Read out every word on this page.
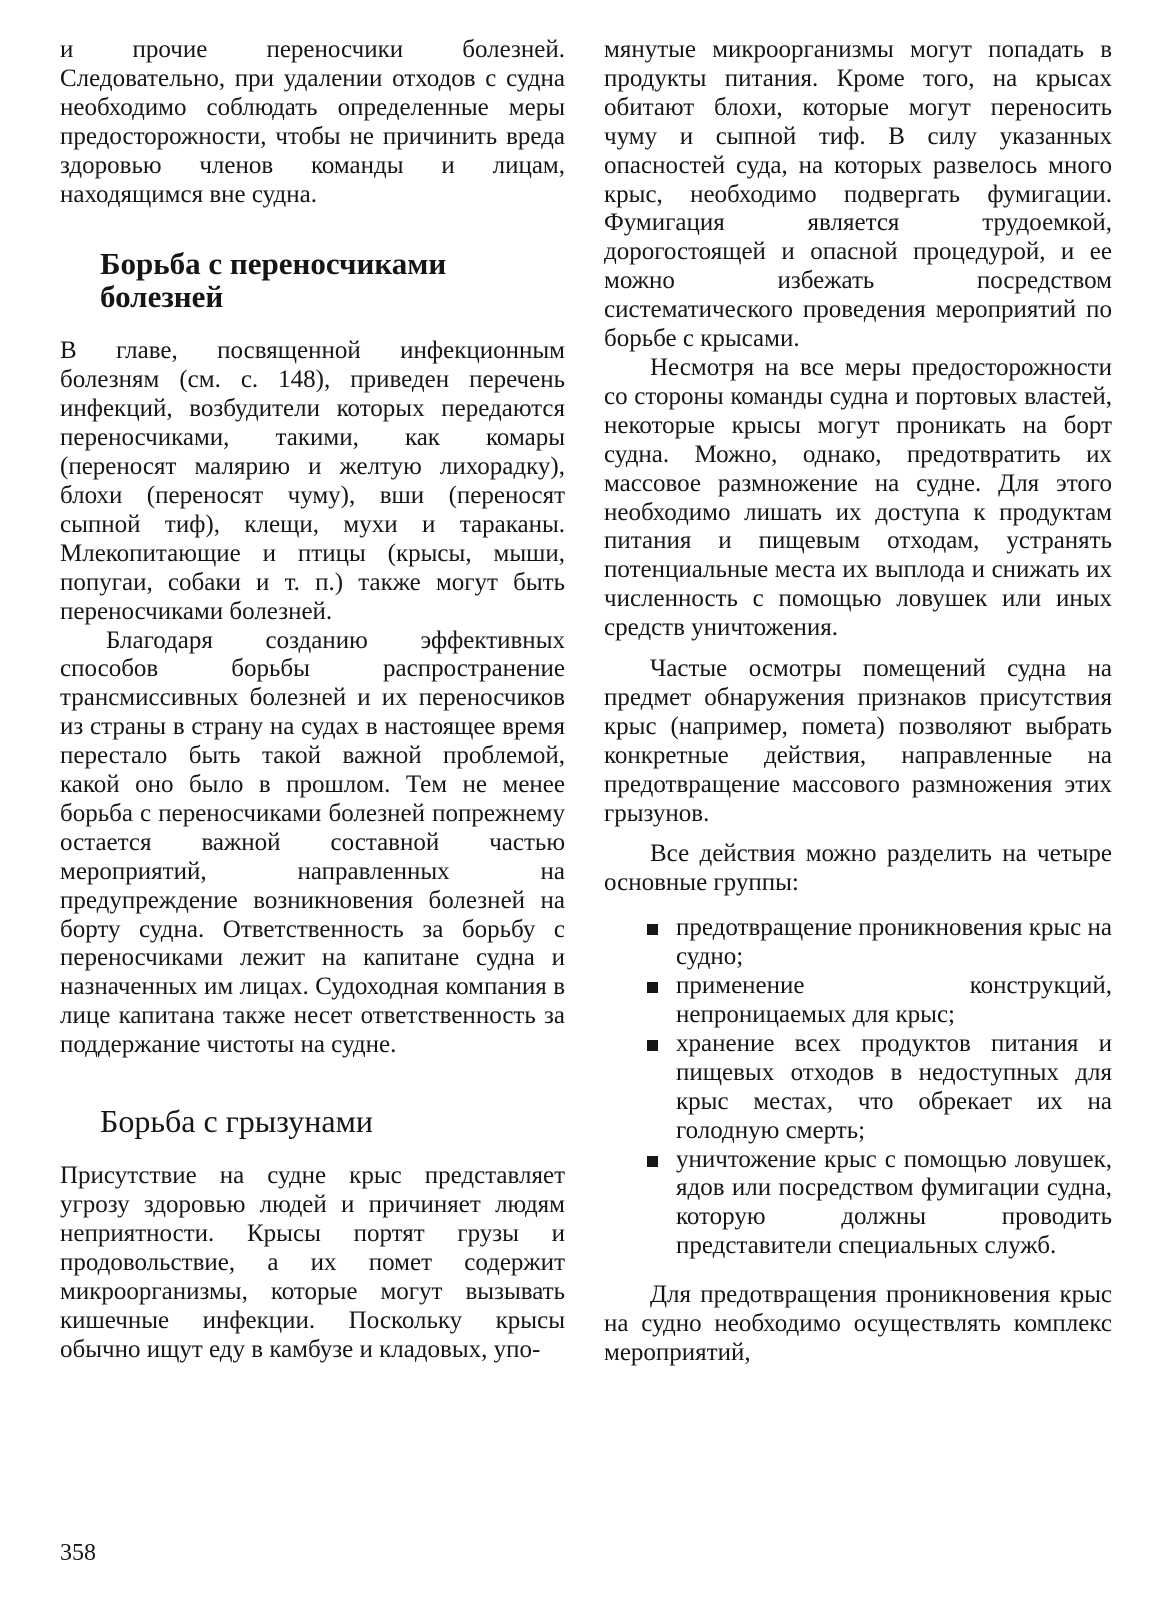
и прочие переносчики болезней. Следовательно, при удалении отходов с судна необходимо соблюдать определенные меры предосторожности, чтобы не причинить вреда здоровью членов команды и лицам, находящимся вне судна.

Борьба с переносчиками болезней

В главе, посвященной инфекционным болезням (см. с. 148), приведен перечень инфекций, возбудители которых передаются переносчиками, такими, как комары (переносят малярию и желтую лихорадку), блохи (переносят чуму), вши (переносят сыпной тиф), клещи, мухи и тараканы. Млекопитающие и птицы (крысы, мыши, попугаи, собаки и т. п.) также могут быть переносчиками болезней.

Благодаря созданию эффективных способов борьбы распространение трансмиссивных болезней и их переносчиков из страны в страну на судах в настоящее время перестало быть такой важной проблемой, какой оно было в прошлом. Тем не менее борьба с переносчиками болезней попрежнему остается важной составной частью мероприятий, направленных на предупреждение возникновения болезней на борту судна. Ответственность за борьбу с переносчиками лежит на капитане судна и назначенных им лицах. Судоходная компания в лице капитана также несет ответственность за поддержание чистоты на судне.

Борьба с грызунами

Присутствие на судне крыс представляет угрозу здоровью людей и причиняет людям неприятности. Крысы портят грузы и продовольствие, а их помет содержит микроорганизмы, которые могут вызывать кишечные инфекции. Поскольку крысы обычно ищут еду в камбузе и кладовых, упо-

мянутые микроорганизмы могут попадать в продукты питания. Кроме того, на крысах обитают блохи, которые могут переносить чуму и сыпной тиф. В силу указанных опасностей суда, на которых развелось много крыс, необходимо подвергать фумигации. Фумигация является трудоемкой, дорогостоящей и опасной процедурой, и ее можно избежать посредством систематического проведения мероприятий по борьбе с крысами.

Несмотря на все меры предосторожности со стороны команды судна и портовых властей, некоторые крысы могут проникать на борт судна. Можно, однако, предотвратить их массовое размножение на судне. Для этого необходимо лишать их доступа к продуктам питания и пищевым отходам, устранять потенциальные места их выплода и снижать их численность с помощью ловушек или иных средств уничтожения.

Частые осмотры помещений судна на предмет обнаружения признаков присутствия крыс (например, помета) позволяют выбрать конкретные действия, направленные на предотвращение массового размножения этих грызунов.

Все действия можно разделить на четыре основные группы:

предотвращение проникновения крыс на судно;
применение конструкций, непроницаемых для крыс;
хранение всех продуктов питания и пищевых отходов в недоступных для крыс местах, что обрекает их на голодную смерть;
уничтожение крыс с помощью ловушек, ядов или посредством фумигации судна, которую должны проводить представители специальных служб.

Для предотвращения проникновения крыс на судно необходимо осуществлять комплекс мероприятий,

358
